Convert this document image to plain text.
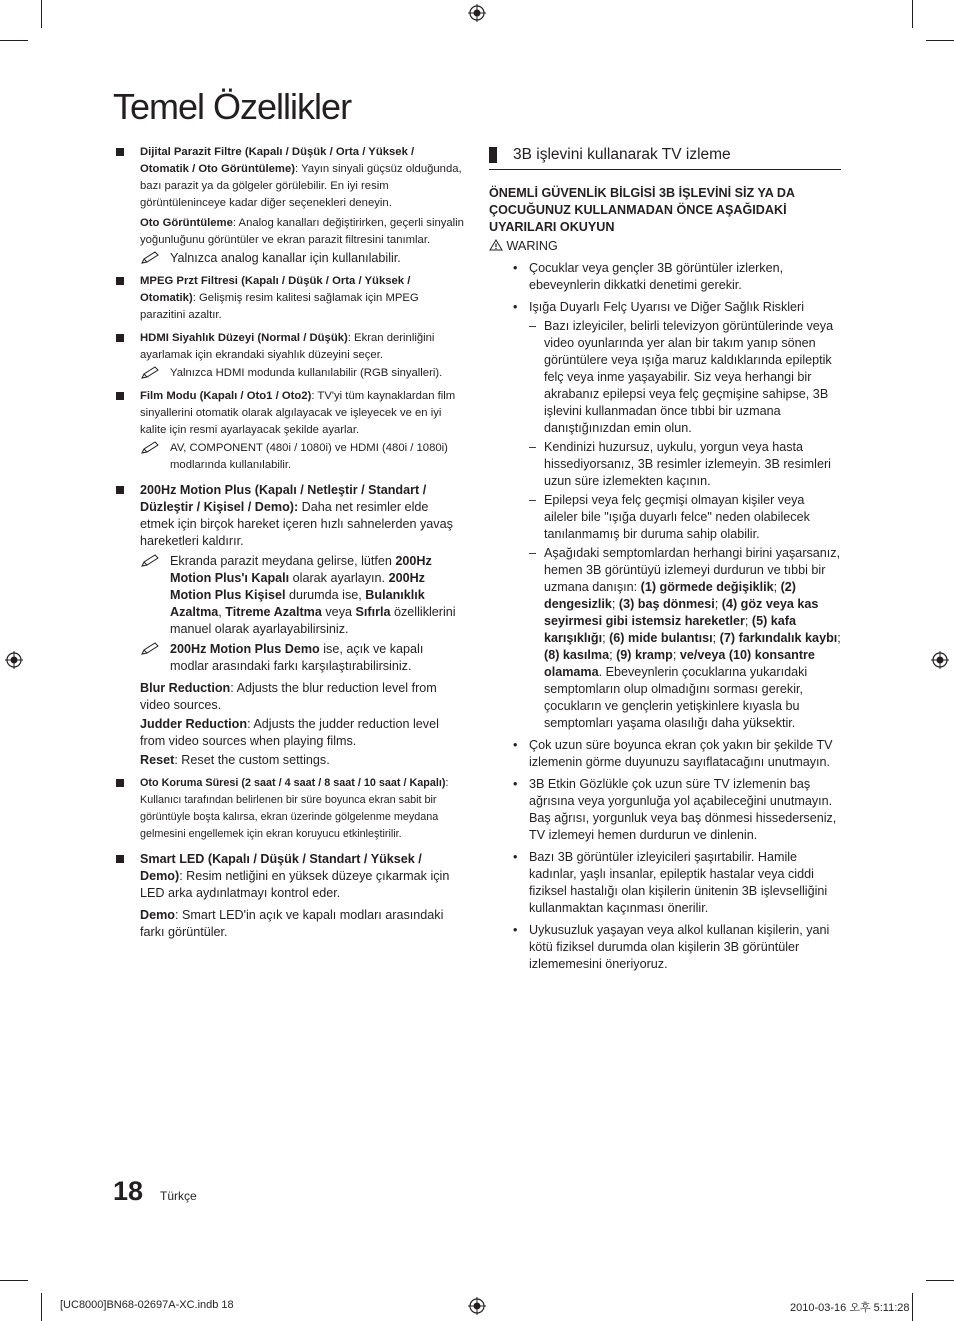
Temel Özellikler
Dijital Parazit Filtre (Kapalı / Düşük / Orta / Yüksek / Otomatik / Oto Görüntüleme): Yayın sinyali güçsüz olduğunda, bazı parazit ya da gölgeler görülebilir. En iyi resim görüntüleninceye kadar diğer seçenekleri deneyin.
Oto Görüntüleme: Analog kanalları değiştirirken, geçerli sinyalin yoğunluğunu görüntüler ve ekran parazit filtresini tanımlar.
Yalnızca analog kanallar için kullanılabilir.
MPEG Przt Filtresi (Kapalı / Düşük / Orta / Yüksek / Otomatik): Gelişmiş resim kalitesi sağlamak için MPEG parazitini azaltır.
HDMI Siyahlık Düzeyi (Normal / Düşük): Ekran derinliğini ayarlamak için ekrandaki siyahlık düzeyini seçer.
Yalnızca HDMI modunda kullanılabilir (RGB sinyalleri).
Film Modu (Kapalı / Oto1 / Oto2): TV'yi tüm kaynaklardan film sinyallerini otomatik olarak algılayacak ve işleyecek ve en iyi kalite için resmi ayarlayacak şekilde ayarlar.
AV, COMPONENT (480i / 1080i) ve HDMI (480i / 1080i) modlarında kullanılabilir.
200Hz Motion Plus (Kapalı / Netleştir / Standart / Düzleştir / Kişisel / Demo): Daha net resimler elde etmek için birçok hareket içeren hızlı sahnelerden yavaş hareketleri kaldırır.
Ekranda parazit meydana gelirse, lütfen 200Hz Motion Plus'ı Kapalı olarak ayarlayın. 200Hz Motion Plus Kişisel durumda ise, Bulanıklık Azaltma, Titreme Azaltma veya Sıfırla özelliklerini manuel olarak ayarlayabilirsiniz.
200Hz Motion Plus Demo ise, açık ve kapalı modlar arasındaki farkı karşılaştırabilirsiniz.
Blur Reduction: Adjusts the blur reduction level from video sources.
Judder Reduction: Adjusts the judder reduction level from video sources when playing films.
Reset: Reset the custom settings.
Oto Koruma Süresi (2 saat / 4 saat / 8 saat / 10 saat / Kapalı): Kullanıcı tarafından belirlenen bir süre boyunca ekran sabit bir görüntüyle boşta kalırsa, ekran üzerinde gölgelenme meydana gelmesini engellemek için ekran koruyucu etkinleştirilir.
Smart LED (Kapalı / Düşük / Standart / Yüksek / Demo): Resim netliğini en yüksek düzeye çıkarmak için LED arka aydınlatmayı kontrol eder.
Demo: Smart LED'in açık ve kapalı modları arasındaki farkı görüntüler.
3B işlevini kullanarak TV izleme
ÖNEMLİ GÜVENLİK BİLGİSİ 3B İŞLEVİNİ SİZ YA DA ÇOCUĞUNUZ KULLANMADAN ÖNCE AŞAĞIDAKİ UYARILARI OKUYUN
WARING
• Çocuklar veya gençler 3B görüntüler izlerken, ebeveynlerin dikkatki denetimi gerekir.
• Işığa Duyarlı Felç Uyarısı ve Diğer Sağlık Riskleri
– Bazı izleyiciler, belirli televizyon görüntülerinde veya video oyunlarında yer alan bir takım yanıp sönen görüntülere veya ışığa maruz kaldıklarında epileptik felç veya inme yaşayabilir. Siz veya herhangi bir akrabanız epilepsi veya felç geçmişine sahipse, 3B işlevini kullanmadan önce tıbbi bir uzmana danıştığınızdan emin olun.
– Kendinizi huzursuz, uykulu, yorgun veya hasta hissediyorsanız, 3B resimler izlemeyin. 3B resimleri uzun süre izlemekten kaçının.
– Epilepsi veya felç geçmişi olmayan kişiler veya aileler bile "ışığa duyarlı felce" neden olabilecek tanılanmamış bir duruma sahip olabilir.
– Aşağıdaki semptomlardan herhangi birini yaşarsanız, hemen 3B görüntüyü izlemeyi durdurun ve tıbbi bir uzmana danışın: (1) görmede değişiklik; (2) dengesizlik; (3) baş dönmesi; (4) göz veya kas seyirmesi gibi istemsiz hareketler; (5) kafa karışıklığı; (6) mide bulantısı; (7) farkındalık kaybı; (8) kasılma; (9) kramp; ve/veya (10) konsantre olamama. Ebeveynlerin çocuklarına yukarıdaki semptomların olup olmadığını sorması gerekir, çocukların ve gençlerin yetişkinlere kıyasla bu semptomları yaşama olasılığı daha yüksektir.
• Çok uzun süre boyunca ekran çok yakın bir şekilde TV izlemenin görme duyunuzu sayıflatacağını unutmayın.
• 3B Etkin Gözlükle çok uzun süre TV izlemenin baş ağrısına veya yorgunluğa yol açabileceğini unutmayın. Baş ağrısı, yorgunluk veya baş dönmesi hissederseniz, TV izlemeyi hemen durdurun ve dinlenin.
• Bazı 3B görüntüler izleyicileri şaşırtabilir. Hamile kadınlar, yaşlı insanlar, epileptik hastalar veya ciddi fiziksel hastalığı olan kişilerin ünitenin 3B işlevselliğini kullanmaktan kaçınması önerilir.
• Uykusuzluk yaşayan veya alkol kullanan kişilerin, yani kötü fiziksel durumda olan kişilerin 3B görüntüler izlememesini öneriyoruz.
18 Türkçe
[UC8000]BN68-02697A-XC.indb 18	2010-03-16 오후 5:11:28
